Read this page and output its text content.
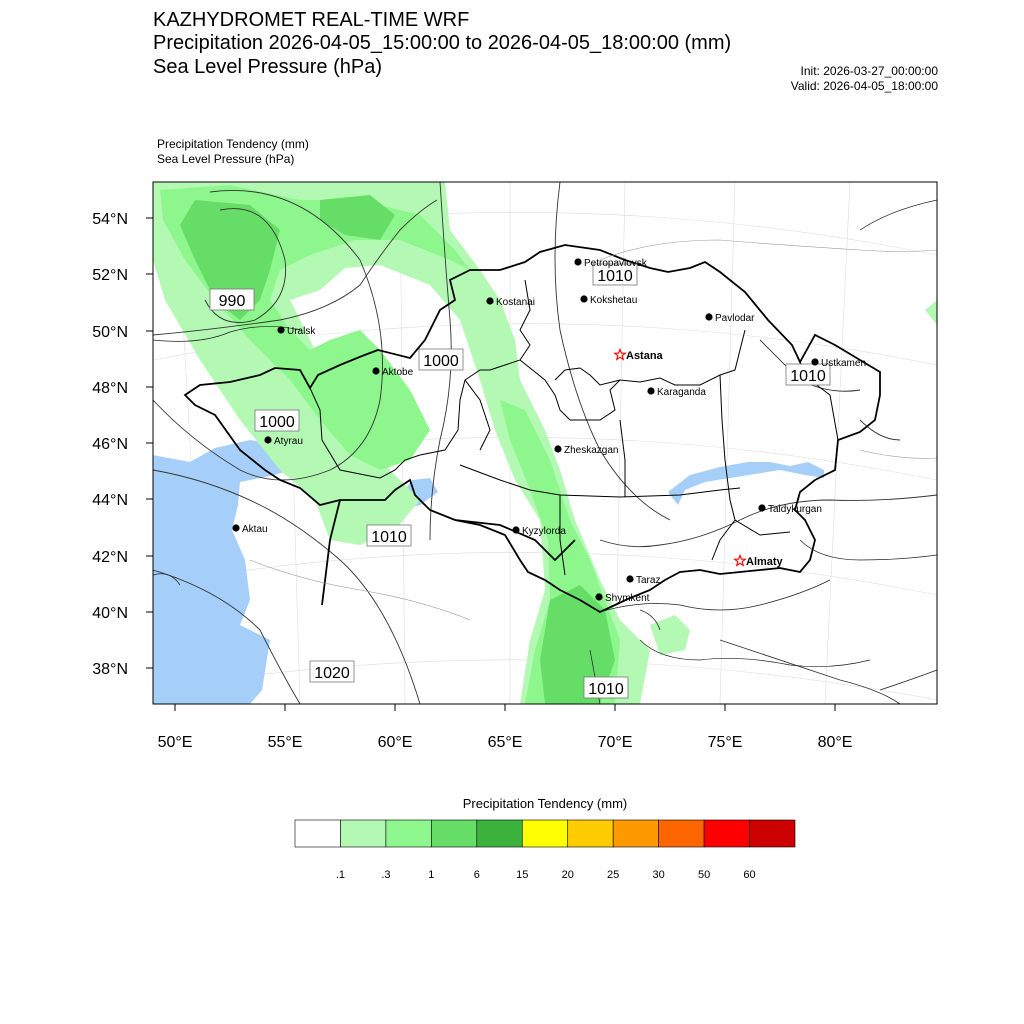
KAZHYDROMET REAL-TIME WRF
Precipitation 2026-04-05_15:00:00 to 2026-04-05_18:00:00 (mm)
Sea Level Pressure (hPa)	Init: 2026-03-27_00:00:00
Valid: 2026-04-05_18:00:00
Precipitation Tendency (mm)
Sea Level Pressure (hPa)
54°N
52°N
50°N
48°N
46°N
44°N
42°N
40°N
38°N
50°E	55°E	60°E	65°E	70°E	75°E	80°E
990
1000
1000
1010
1010
1010
1020
1010
Petropavlovsk
Kostanai	Kokshetau
Uralsk
Pavlodar
Aktobe
Astana
Ustkamen
Karaganda
Atyrau
Zheskazgan
Taldykurgan
Aktau	Kyzylorda
Almaty
Taraz
Shymkent
.1	.3	1	6	15	20	25	30	50	60
Precipitation Tendency (mm)
